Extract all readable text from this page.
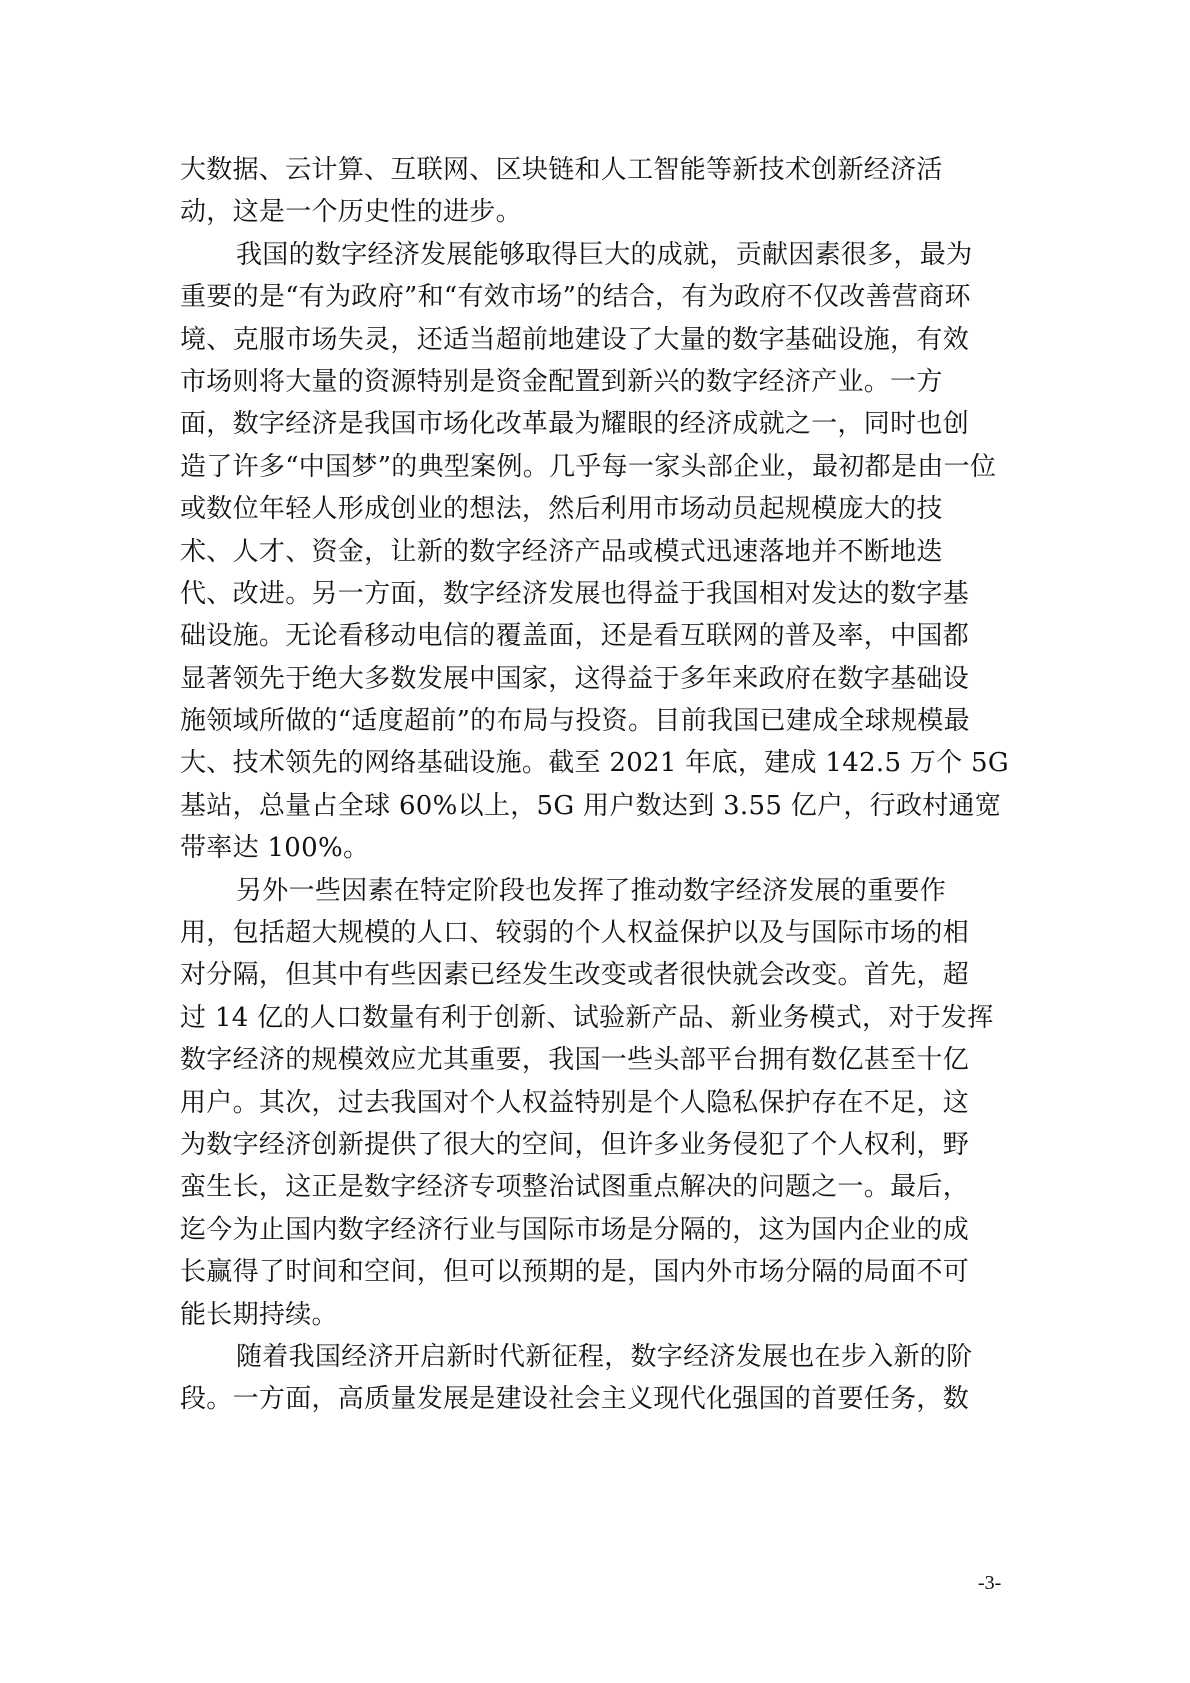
大数据、云计算、互联网、区块链和人工智能等新技术创新经济活
动，这是一个历史性的进步。
我国的数字经济发展能够取得巨大的成就，贡献因素很多，最为
重要的是“有为政府”和“有效市场”的结合，有为政府不仅改善营商环
境、克服市场失灵，还适当超前地建设了大量的数字基础设施，有效
市场则将大量的资源特别是资金配置到新兴的数字经济产业。一方
面，数字经济是我国市场化改革最为耀眼的经济成就之一，同时也创
造了许多“中国梦”的典型案例。几乎每一家头部企业，最初都是由一位
或数位年轻人形成创业的想法，然后利用市场动员起规模庞大的技
术、人才、资金，让新的数字经济产品或模式迅速落地并不断地迭
代、改进。另一方面，数字经济发展也得益于我国相对发达的数字基
础设施。无论看移动电信的覆盖面，还是看互联网的普及率，中国都
显著领先于绝大多数发展中国家，这得益于多年来政府在数字基础设
施领域所做的“适度超前”的布局与投资。目前我国已建成全球规模最
大、技术领先的网络基础设施。截至 2021 年底，建成 142.5 万个 5G
基站，总量占全球 60%以上，5G 用户数达到 3.55 亿户，行政村通宽
带率达 100%。
另外一些因素在特定阶段也发挥了推动数字经济发展的重要作
用，包括超大规模的人口、较弱的个人权益保护以及与国际市场的相
对分隔，但其中有些因素已经发生改变或者很快就会改变。首先，超
过 14 亿的人口数量有利于创新、试验新产品、新业务模式，对于发挥
数字经济的规模效应尤其重要，我国一些头部平台拥有数亿甚至十亿
用户。其次，过去我国对个人权益特别是个人隐私保护存在不足，这
为数字经济创新提供了很大的空间，但许多业务侵犯了个人权利，野
蛮生长，这正是数字经济专项整治试图重点解决的问题之一。最后，
迄今为止国内数字经济行业与国际市场是分隔的，这为国内企业的成
长赢得了时间和空间，但可以预期的是，国内外市场分隔的局面不可
能长期持续。
随着我国经济开启新时代新征程，数字经济发展也在步入新的阶
段。一方面，高质量发展是建设社会主义现代化强国的首要任务，数
-3-
